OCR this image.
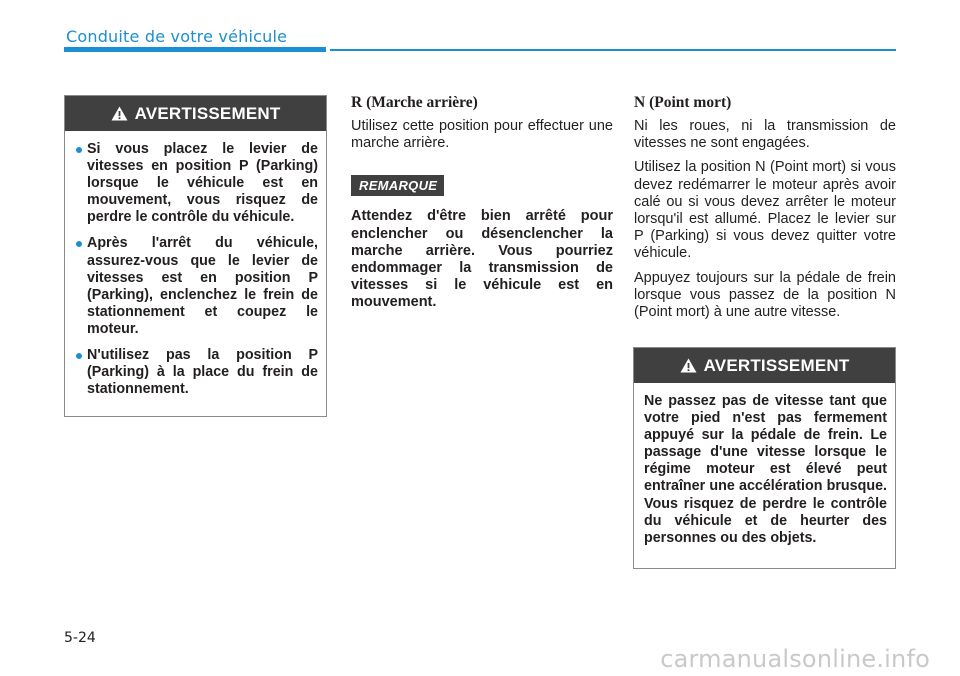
Conduite de votre véhicule
AVERTISSEMENT
Si vous placez le levier de vitesses en position P (Parking) lorsque le véhicule est en mouvement, vous risquez de perdre le contrôle du véhicule.
Après l'arrêt du véhicule, assurez-vous que le levier de vitesses est en position P (Parking), enclenchez le frein de stationnement et coupez le moteur.
N'utilisez pas la position P (Parking) à la place du frein de stationnement.
R (Marche arrière)

Utilisez cette position pour effectuer une marche arrière.

REMARQUE

Attendez d'être bien arrêté pour enclencher ou désenclencher la marche arrière. Vous pourriez endommager la transmission de vitesses si le véhicule est en mouvement.

N (Point mort)

Ni les roues, ni la transmission de vitesses ne sont engagées.

Utilisez la position N (Point mort) si vous devez redémarrer le moteur après avoir calé ou si vous devez arrêter le moteur lorsqu'il est allumé. Placez le levier sur P (Parking) si vous devez quitter votre véhicule.

Appuyez toujours sur la pédale de frein lorsque vous passez de la position N (Point mort) à une autre vitesse.

AVERTISSEMENT

Ne passez pas de vitesse tant que votre pied n'est pas fermement appuyé sur la pédale de frein. Le passage d'une vitesse lorsque le régime moteur est élevé peut entraîner une accélération brusque. Vous risquez de perdre le contrôle du véhicule et de heurter des personnes ou des objets.

5-24
carmanualsonline.info
